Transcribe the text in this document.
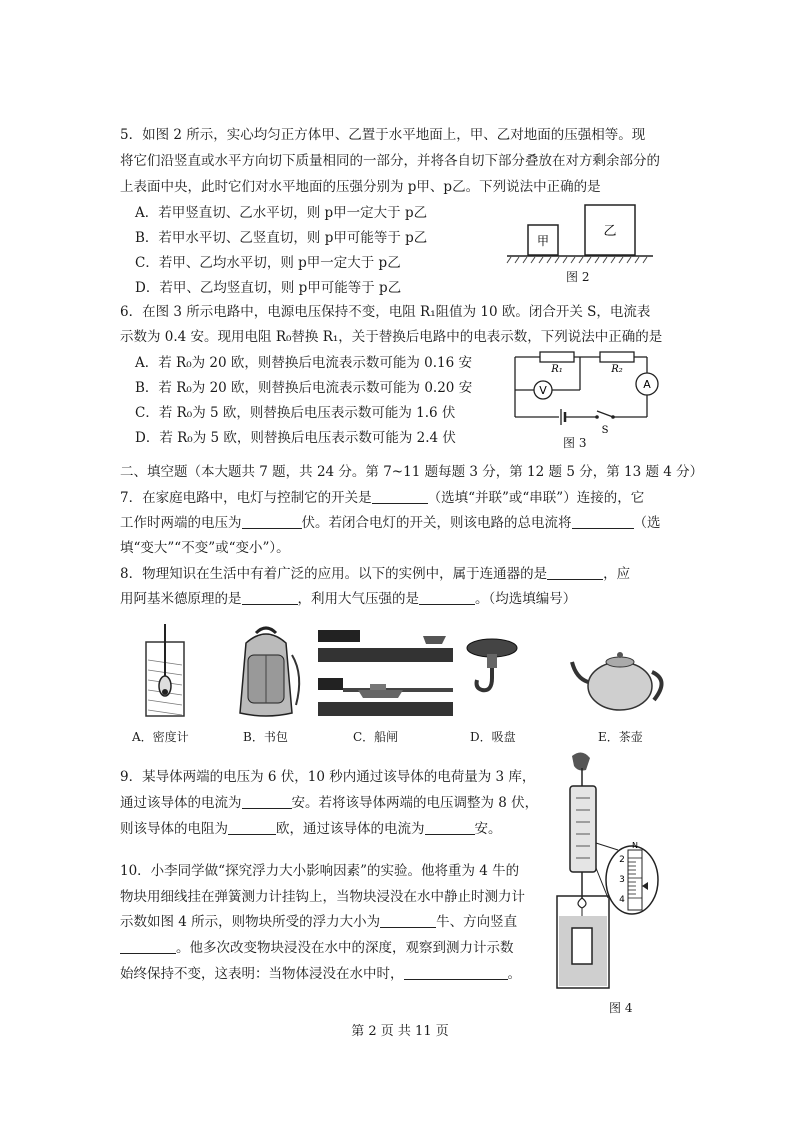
5．如图 2 所示，实心均匀正方体甲、乙置于水平地面上，甲、乙对地面的压强相等。现
将它们沿竖直或水平方向切下质量相同的一部分，并将各自切下部分叠放在对方剩余部分的
上表面中央，此时它们对水平地面的压强分别为 p甲、p乙。下列说法中正确的是
A．若甲竖直切、乙水平切，则 p甲一定大于 p乙
B．若甲水平切、乙竖直切，则 p甲可能等于 p乙
C．若甲、乙均水平切，则 p甲一定大于 p乙
D．若甲、乙均竖直切，则 p甲可能等于 p乙
甲
乙
图 2
6．在图 3 所示电路中，电源电压保持不变，电阻 R₁阻值为 10 欧。闭合开关 S，电流表
示数为 0.4 安。现用电阻 R₀替换 R₁，关于替换后电路中的电表示数，下列说法中正确的是
A．若 R₀为 20 欧，则替换后电流表示数可能为 0.16 安
B．若 R₀为 20 欧，则替换后电流表示数可能为 0.20 安
C．若 R₀为 5 欧，则替换后电压表示数可能为 1.6 伏
D．若 R₀为 5 欧，则替换后电压表示数可能为 2.4 伏
R₁	R₂
V	A
S
图 3
二、填空题（本大题共 7 题，共 24 分。第 7~11 题每题 3 分，第 12 题 5 分，第 13 题 4 分）
7．在家庭电路中，电灯与控制它的开关是	（选填“并联”或“串联”）连接的，它
工作时两端的电压为	伏。若闭合电灯的开关，则该电路的总电流将	（选
填“变大”“不变”或“变小”）。
8．物理知识在生活中有着广泛的应用。以下的实例中，属于连通器的是	，应
用阿基米德原理的是	，利用大气压强的是	。（均选填编号）
A．密度计	B．书包	C．船闸	D．吸盘	E．茶壶
9．某导体两端的电压为 6 伏，10 秒内通过该导体的电荷量为 3 库，
通过该导体的电流为	安。若将该导体两端的电压调整为 8 伏，
则该导体的电阻为	欧，通过该导体的电流为	安。
10．小李同学做“探究浮力大小影响因素”的实验。他将重为 4 牛的
物块用细线挂在弹簧测力计挂钩上，当物块浸没在水中静止时测力计
示数如图 4 所示，则物块所受的浮力大小为	牛、方向竖直
。他多次改变物块浸没在水中的深度，观察到测力计示数
始终保持不变，这表明：当物体浸没在水中时，	。
2
3
4
N
图 4
第 2 页 共 11 页
